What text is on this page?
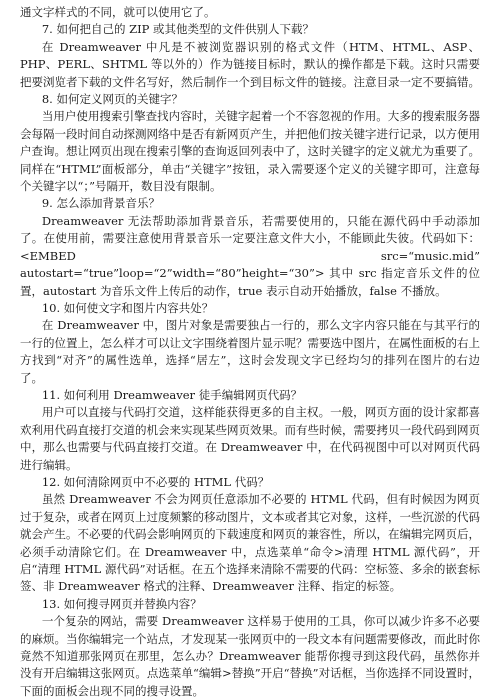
通文字样式的不同，就可以使用它了。

7. 如何把自己的 ZIP 或其他类型的文件供别人下载？

在 Dreamweaver 中凡是不被浏览器识别的格式文件（HTM、HTML、ASP、PHP、PERL、SHTML 等以外的）作为链接目标时，默认的操作都是下载。这时只需要把要浏览者下载的文件名写好，然后制作一个到目标文件的链接。注意目录一定不要搞错。

8. 如何定义网页的关键字？

当用户使用搜索引擎查找内容时，关键字起着一个不容忽视的作用。大多的搜索服务器会每隔一段时间自动探测网络中是否有新网页产生，并把他们按关键字进行记录，以方便用户查询。想让网页出现在搜索引擎的查询返回列表中了，这时关键字的定义就尤为重要了。同样在“HTML”面板部分，单击“关键字”按钮，录入需要逐个定义的关键字即可，注意每个关键字以“；”号隔开，数目没有限制。

9. 怎么添加背景音乐？

Dreamweaver 无法帮助添加背景音乐，若需要使用的，只能在源代码中手动添加了。在使用前，需要注意使用背景音乐一定要注意文件大小，不能顾此失彼。代码如下：<EMBED src=“music.mid” autostart=“true”loop=“2”width=“80”height=“30”> 其中 src 指定音乐文件的位置，autostart 为音乐文件上传后的动作，true 表示自动开始播放，false 不播放。

10. 如何使文字和图片内容共处？

在 Dreamweaver 中，图片对象是需要独占一行的，那么文字内容只能在与其平行的一行的位置上，怎么样才可以让文字围绕着图片显示呢？需要选中图片，在属性面板的右上方找到“对齐”的属性选单，选择“居左”，这时会发现文字已经均匀的排列在图片的右边了。

11. 如何利用 Dreamweaver 徒手编辑网页代码？

用户可以直接与代码打交道，这样能获得更多的自主权。一般，网页方面的设计家都喜欢利用代码直接打交道的机会来实现某些网页效果。而有些时候，需要拷贝一段代码到网页中，那么也需要与代码直接打交道。在 Dreamweaver 中，在代码视图中可以对网页代码进行编辑。

12. 如何清除网页中不必要的 HTML 代码？

虽然 Dreamweaver 不会为网页任意添加不必要的 HTML 代码，但有时候因为网页过于复杂，或者在网页上过度频繁的移动图片，文本或者其它对象，这样，一些沉淤的代码就会产生。不必要的代码会影响网页的下载速度和网页的兼容性，所以，在编辑完网页后，必须手动清除它们。在 Dreamweaver 中，点选菜单“命令>清理 HTML 源代码”，开启“清理 HTML 源代码”对话框。在五个选择来清除不需要的代码：空标签、多余的嵌套标签、非 Dreamweaver 格式的注释、Dreamweaver 注释、指定的标签。

13. 如何搜寻网页并替换内容？

一个复杂的网站，需要 Dreamweaver 这样易于使用的工具，你可以减少许多不必要的麻烦。当你编辑完一个站点，才发现某一张网页中的一段文本有问题需要修改，而此时你竟然不知道那张网页在那里，怎么办？Dreamweaver 能帮你搜寻到这段代码，虽然你并没有开启编辑这张网页。点选菜单“编辑>替换”开启“替换”对话框，当你选择不同设置时，下面的面板会出现不同的搜寻设置。
